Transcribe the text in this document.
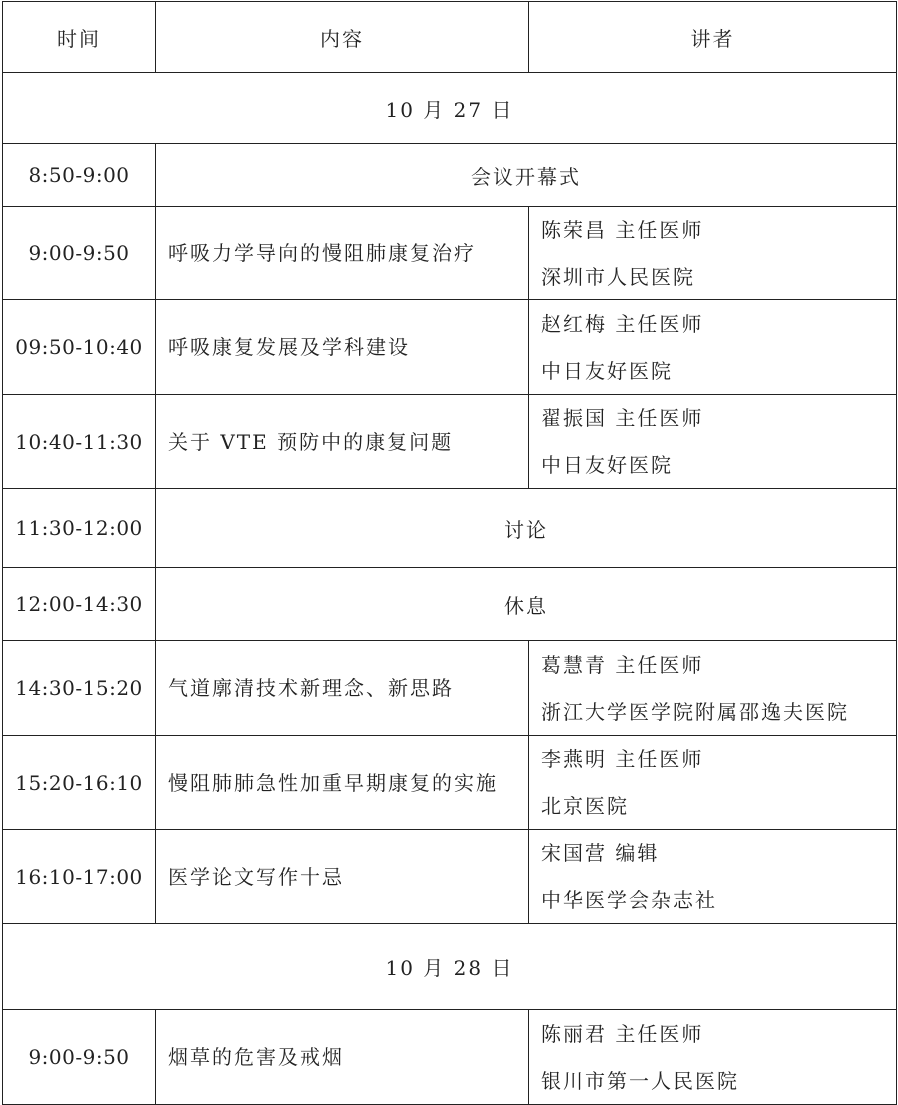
时间	内容	讲者
10 月 27 日		
8:50-9:00	会议开幕式	
9:00-9:50	呼吸力学导向的慢阻肺康复治疗	陈荣昌 主任医师
深圳市人民医院

09:50-10:40	呼吸康复发展及学科建设	赵红梅 主任医师
中日友好医院

10:40-11:30	关于 VTE 预防中的康复问题	翟振国 主任医师
中日友好医院

11:30-12:00	讨论	
12:00-14:30	休息	
14:30-15:20	气道廓清技术新理念、新思路	葛慧青 主任医师
浙江大学医学院附属邵逸夫医院

15:20-16:10	慢阻肺肺急性加重早期康复的实施	李燕明 主任医师
北京医院

16:10-17:00	医学论文写作十忌	宋国营 编辑
中华医学会杂志社

10 月 28 日		
9:00-9:50	烟草的危害及戒烟	陈丽君 主任医师
银川市第一人民医院
